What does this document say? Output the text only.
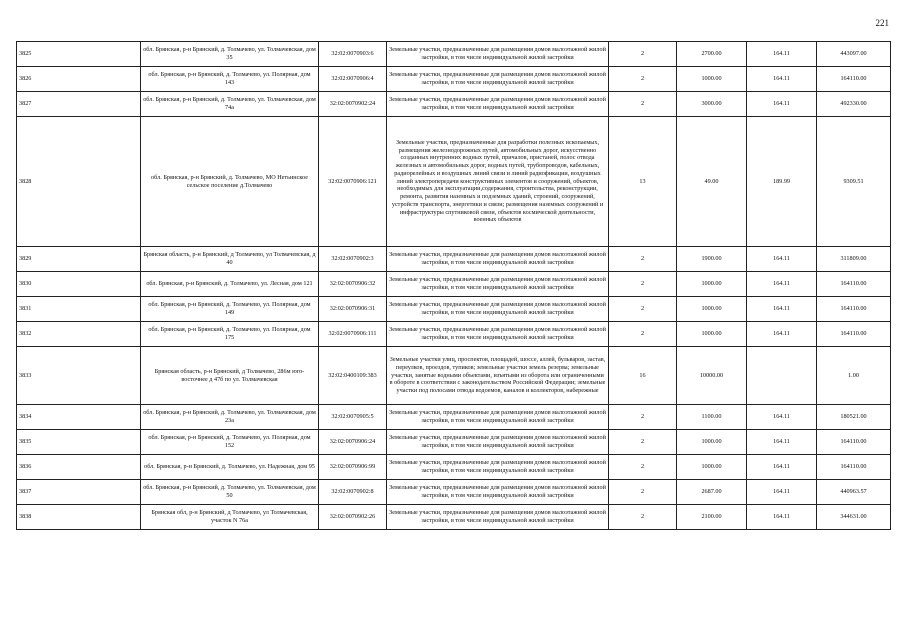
221
3825	обл. Брянская, р-н Брянский, д. Толмачево, ул. Толмачевская, дом 35	32:02:0070903:6	Земельные участки, предназначенные для размещения домов малоэтажной жилой застройки, в том числе индивидуальной жилой застройки	2	2700.00	164.11	443097.00
3826	обл. Брянская, р-н Брянский, д. Толмачево, ул. Полярная, дом 143	32:02:0070906:4	Земельные участки, предназначенные для размещения домов малоэтажной жилой застройки, в том числе индивидуальной жилой застройки	2	1000.00	164.11	164110.00
3827	обл. Брянская, р-н Брянский, д. Толмачево, ул. Толмачевская, дом 74а	32:02:0070902:24	Земельные участки, предназначенные для размещения домов малоэтажной жилой застройки, в том числе индивидуальной жилой застройки	2	3000.00	164.11	492330.00
3828	обл. Брянская, р-н Брянский, д. Толмачево, МО Нетьинское сельское поселение д.Толмачево	32:02:0070906:121	Земельные участки, предназначенные для разработки полезных ископаемых, размещения железнодорожных путей, автомобильных дорог, искусственно созданных внутренних водных путей, причалов, пристаней, полос отвода железных и автомобильных дорог, водных путей, трубопроводов, кабельных, радиорелейных и воздушных линий связи и линий радиофикации, воздушных линий электропередачи конструктивных элементов и сооружений, объектов, необходимых для эксплуатации,содержания, строительства, реконструкции, ремонта, развития наземных и подземных зданий, строений, сооружений, устройств транспорта, энергетики и связи; размещения наземных сооружений и инфраструктуры спутниковой связи, объектов космической деятельности, военных объектов	13	49.00	189.99	9309.51
3829	Брянская область, р-н Брянский, д Толмачево, ул Толмачевская, д 40	32:02:0070902:3	Земельные участки, предназначенные для размещения домов малоэтажной жилой застройки, в том числе индивидуальной жилой застройки	2	1900.00	164.11	311809.00
3830	обл. Брянская, р-н Брянский, д. Толмачево, ул. Лесная, дом 121	32:02:0070906:32	Земельные участки, предназначенные для размещения домов малоэтажной жилой застройки, в том числе индивидуальной жилой застройки	2	1000.00	164.11	164110.00
3831	обл. Брянская, р-н Брянский, д. Толмачево, ул. Полярная, дом 149	32:02:0070906:31	Земельные участки, предназначенные для размещения домов малоэтажной жилой застройки, в том числе индивидуальной жилой застройки	2	1000.00	164.11	164110.00
3832	обл. Брянская, р-н Брянский, д. Толмачево, ул. Полярная, дом 175	32:02:0070906:111	Земельные участки, предназначенные для размещения домов малоэтажной жилой застройки, в том числе индивидуальной жилой застройки	2	1000.00	164.11	164110.00
3833	Брянская область, р-н Брянский, д Толмачево, 286м юго-восточнее д 47б по ул. Толмачевская	32:02:0400109:383	Земельные участки улиц, проспектов, площадей, шоссе, аллей, бульваров, застав, переулков, проездов, тупиков; земельные участки земель резерва; земельные участки, занятые водными объектами, изъятыми из оборота или ограниченными в обороте в соответствии с законодательством Российской Федерации; земельные участки под полосами отвода водоемов, каналов и коллекторов, набережные	16	10000.00		1.00
3834	обл. Брянская, р-н Брянский, д. Толмачево, ул. Толмачевская, дом 23а	32:02:0070905:5	Земельные участки, предназначенные для размещения домов малоэтажной жилой застройки, в том числе индивидуальной жилой застройки	2	1100.00	164.11	180521.00
3835	обл. Брянская, р-н Брянский, д. Толмачево, ул. Полярная, дом 152	32:02:0070906:24	Земельные участки, предназначенные для размещения домов малоэтажной жилой застройки, в том числе индивидуальной жилой застройки	2	1000.00	164.11	164110.00
3836	обл. Брянская, р-н Брянский, д. Толмачево, ул. Надежная, дом 95	32:02:0070906:99	Земельные участки, предназначенные для размещения домов малоэтажной жилой застройки, в том числе индивидуальной жилой застройки	2	1000.00	164.11	164110.00
3837	обл. Брянская, р-н Брянский, д. Толмачево, ул. Толмачевская, дом 50	32:02:0070902:8	Земельные участки, предназначенные для размещения домов малоэтажной жилой застройки, в том числе индивидуальной жилой застройки	2	2687.00	164.11	440963.57
3838	Брянская обл, р-н Брянский, д Толмачево, ул Толмачевская, участок N 76а	32:02:0070902:26	Земельные участки, предназначенные для размещения домов малоэтажной жилой застройки, в том числе индивидуальной жилой застройки	2	2100.00	164.11	344631.00
